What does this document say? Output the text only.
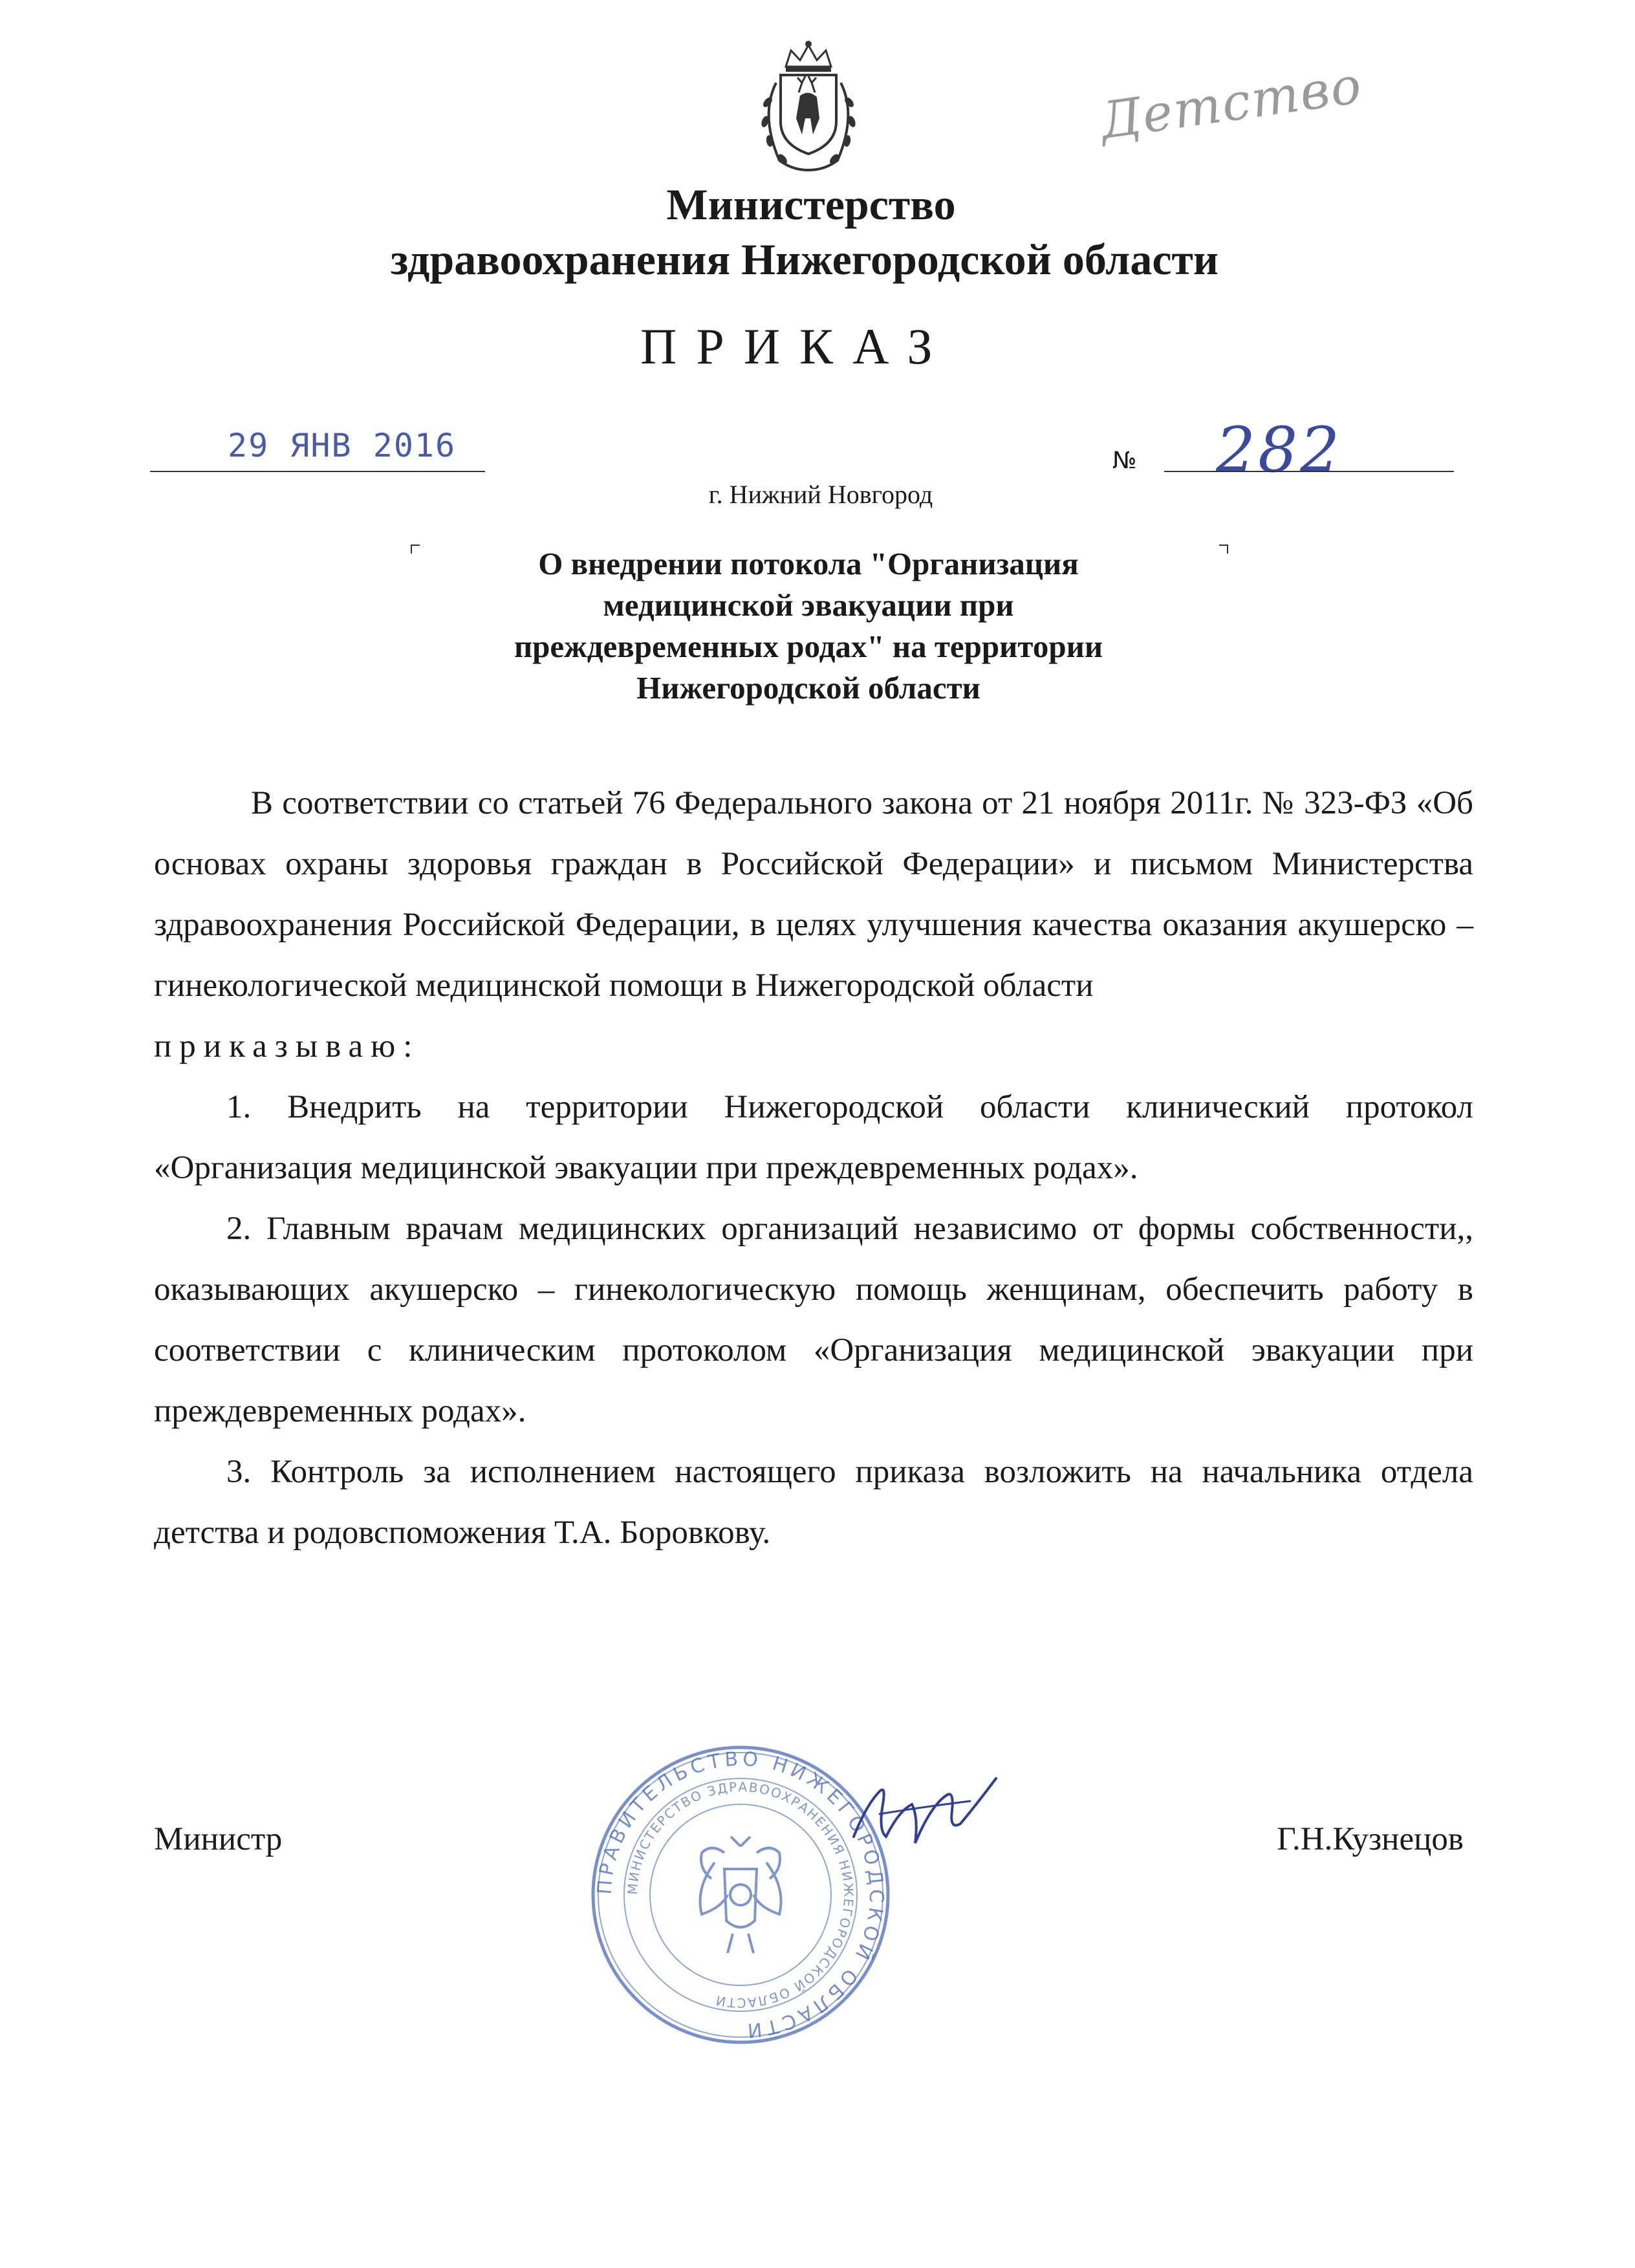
Детство
Министерство
здравоохранения Нижегородской области
ПРИКАЗ
29 ЯНВ 2016	№ 282
г. Нижний Новгород
О внедрении потокола "Организация
медицинской эвакуации при
преждевременных родах" на территории
Нижегородской области

В соответствии со статьей 76 Федерального закона от 21 ноября 2011г. № 323-ФЗ «Об основах охраны здоровья граждан в Российской Федерации» и письмом Министерства здравоохранения Российской Федерации, в целях улучшения качества оказания акушерско – гинекологической медицинской помощи в Нижегородской области

приказываю:

1. Внедрить на территории Нижегородской области клинический протокол «Организация медицинской эвакуации при преждевременных родах».

2. Главным врачам медицинских организаций независимо от формы собственности,, оказывающих акушерско – гинекологическую помощь женщинам, обеспечить работу в соответствии с клиническим протоколом «Организация медицинской эвакуации при преждевременных родах».

3. Контроль за исполнением настоящего приказа возложить на начальника отдела детства и родовспоможения Т.А. Боровкову.

ПРАВИТЕЛЬСТВО НИЖЕГОРОДСКОЙ ОБЛАСТИ
МИНИСТЕРСТВО ЗДРАВООХРАНЕНИЯ НИЖЕГОРОДСКОЙ ОБЛАСТИ
Министр	Г.Н.Кузнецов
